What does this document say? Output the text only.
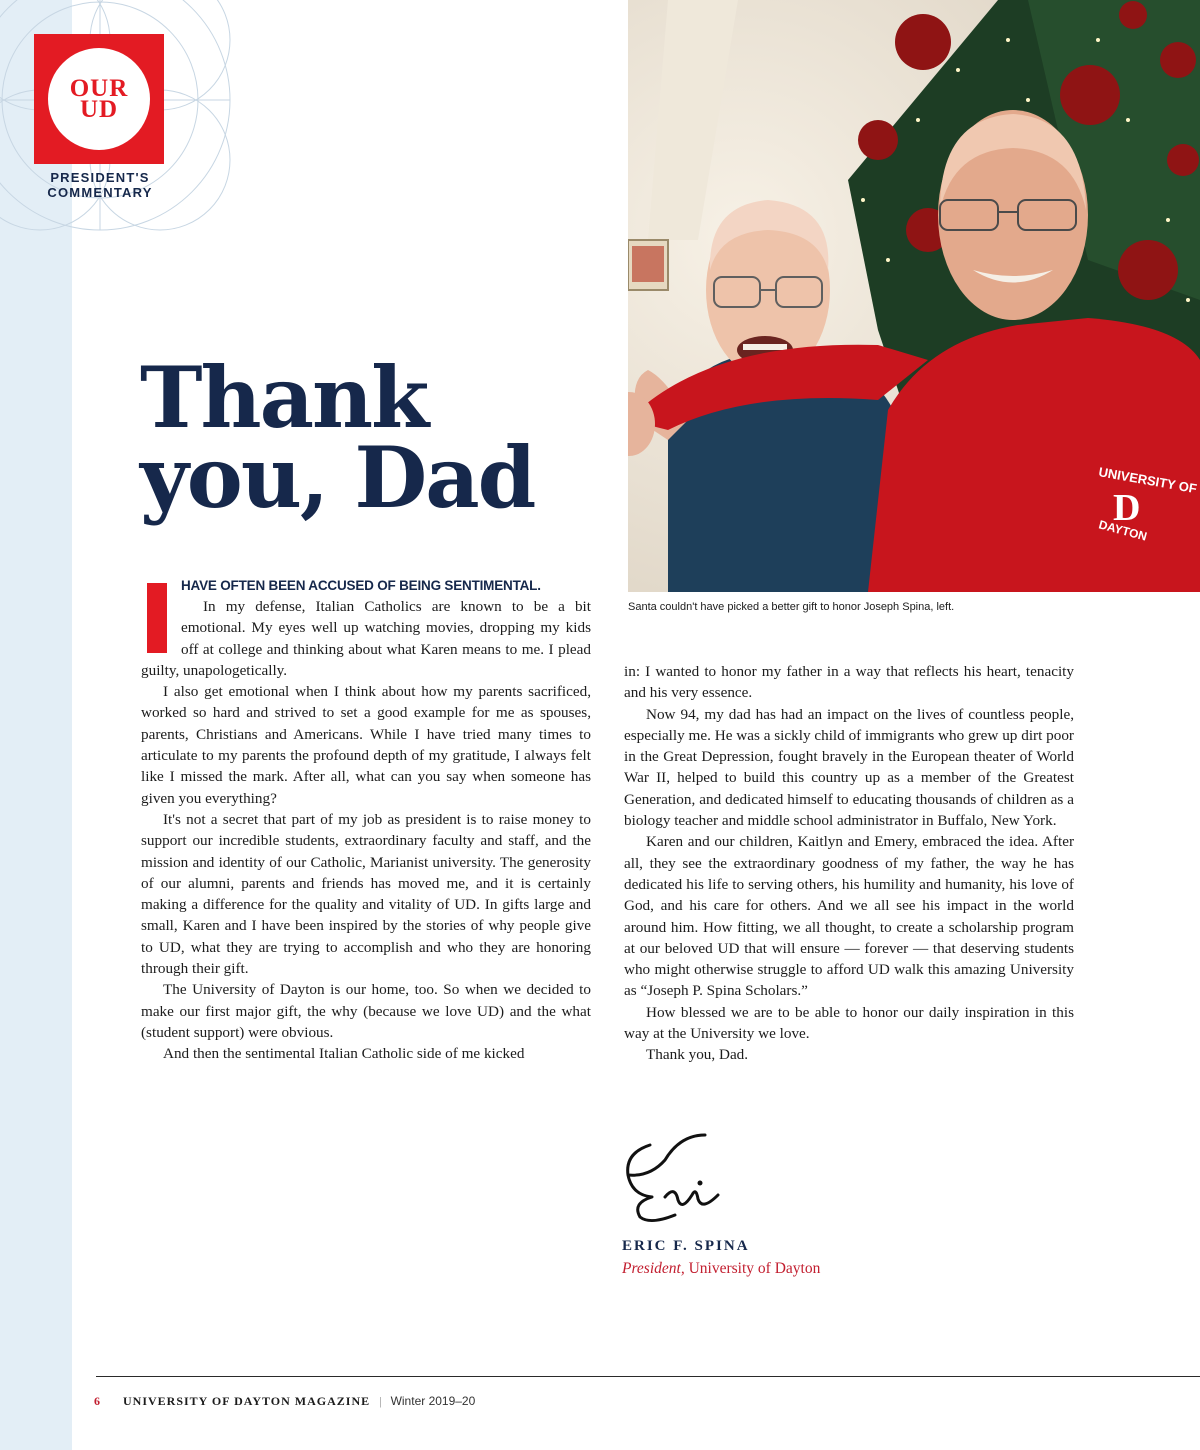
OUR UD
PRESIDENT'S COMMENTARY
Thank
you, Dad	UNIVERSITY OF
D
DAYTON
Santa couldn't have picked a better gift to honor Joseph Spina, left.
HAVE OFTEN BEEN ACCUSED OF BEING SENTIMENTAL.

In my defense, Italian Catholics are known to be a bit emotional. My eyes well up watching movies, dropping my kids off at college and thinking about what Karen means to me. I plead guilty, unapologetically.

I also get emotional when I think about how my parents sacrificed, worked so hard and strived to set a good example for me as spouses, parents, Christians and Americans. While I have tried many times to articulate to my parents the profound depth of my gratitude, I always felt like I missed the mark. After all, what can you say when someone has given you everything?

It's not a secret that part of my job as president is to raise money to support our incredible students, extraordinary faculty and staff, and the mission and identity of our Catholic, Marianist university. The generosity of our alumni, parents and friends has moved me, and it is certainly making a difference for the quality and vitality of UD. In gifts large and small, Karen and I have been inspired by the stories of why people give to UD, what they are trying to accomplish and who they are honoring through their gift.

The University of Dayton is our home, too. So when we decided to make our first major gift, the why (because we love UD) and the what (student support) were obvious.

And then the sentimental Italian Catholic side of me kicked

in: I wanted to honor my father in a way that reflects his heart, tenacity and his very essence.

Now 94, my dad has had an impact on the lives of countless people, especially me. He was a sickly child of immigrants who grew up dirt poor in the Great Depression, fought bravely in the European theater of World War II, helped to build this country up as a member of the Greatest Generation, and dedicated himself to educating thousands of children as a biology teacher and middle school administrator in Buffalo, New York.

Karen and our children, Kaitlyn and Emery, embraced the idea. After all, they see the extraordinary goodness of my father, the way he has dedicated his life to serving others, his humility and humanity, his love of God, and his care for others. And we all see his impact in the world around him. How fitting, we all thought, to create a scholarship program at our beloved UD that will ensure — forever — that deserving students who might otherwise struggle to afford UD walk this amazing University as “Joseph P. Spina Scholars.”

How blessed we are to be able to honor our daily inspiration in this way at the University we love.

Thank you, Dad.

ERIC F. SPINA
President, University of Dayton
6 UNIVERSITY OF DAYTON MAGAZINE | Winter 2019–20
